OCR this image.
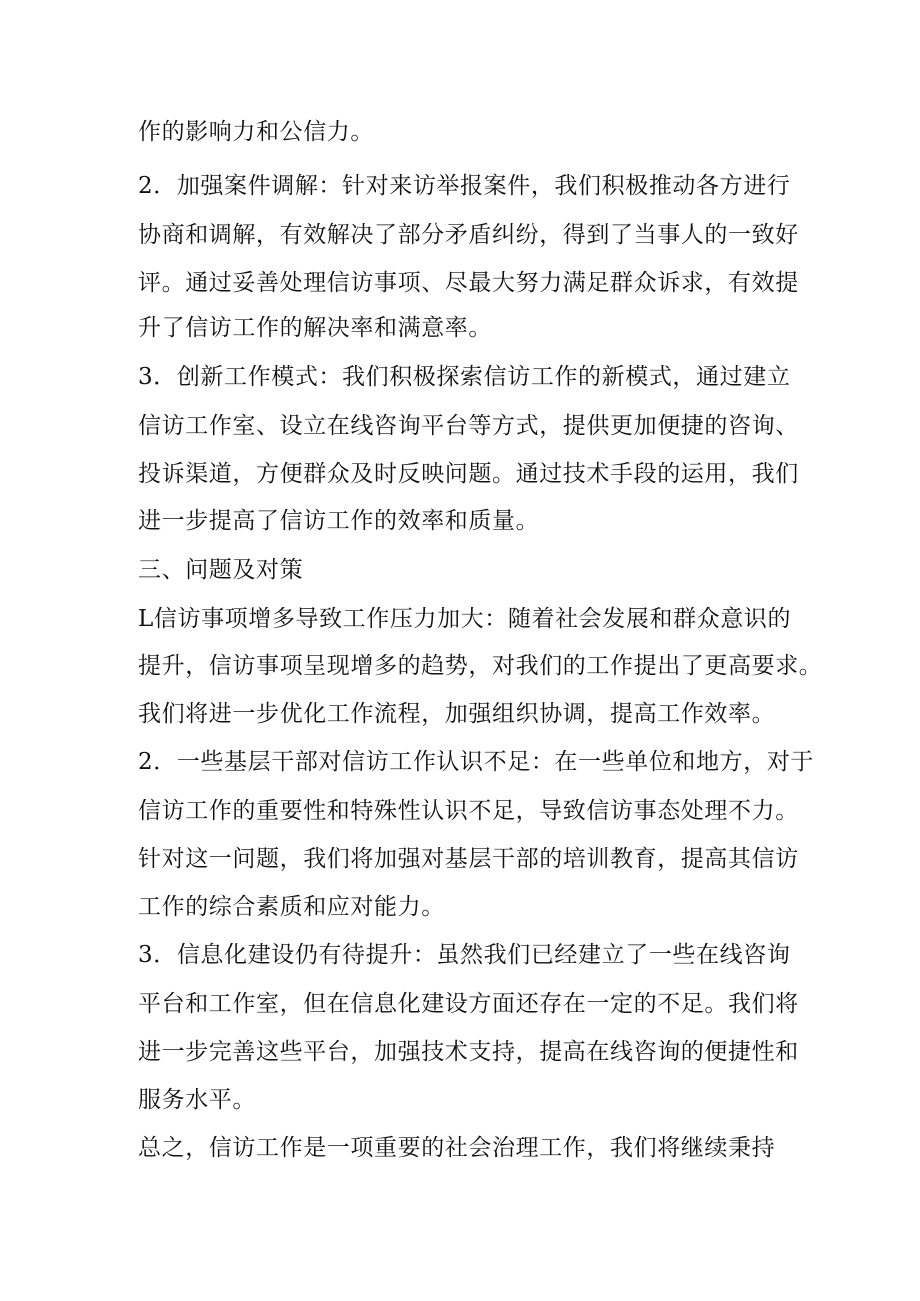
作的影响力和公信力。
2．加强案件调解：针对来访举报案件，我们积极推动各方进行
协商和调解，有效解决了部分矛盾纠纷，得到了当事人的一致好
评。通过妥善处理信访事项、尽最大努力满足群众诉求，有效提
升了信访工作的解决率和满意率。
3．创新工作模式：我们积极探索信访工作的新模式，通过建立
信访工作室、设立在线咨询平台等方式，提供更加便捷的咨询、
投诉渠道，方便群众及时反映问题。通过技术手段的运用，我们
进一步提高了信访工作的效率和质量。
三、问题及对策
L信访事项增多导致工作压力加大：随着社会发展和群众意识的
提升，信访事项呈现增多的趋势，对我们的工作提出了更高要求。
我们将进一步优化工作流程，加强组织协调，提高工作效率。
2．一些基层干部对信访工作认识不足：在一些单位和地方，对于
信访工作的重要性和特殊性认识不足，导致信访事态处理不力。
针对这一问题，我们将加强对基层干部的培训教育，提高其信访
工作的综合素质和应对能力。
3．信息化建设仍有待提升：虽然我们已经建立了一些在线咨询
平台和工作室，但在信息化建设方面还存在一定的不足。我们将
进一步完善这些平台，加强技术支持，提高在线咨询的便捷性和
服务水平。
总之，信访工作是一项重要的社会治理工作，我们将继续秉持
